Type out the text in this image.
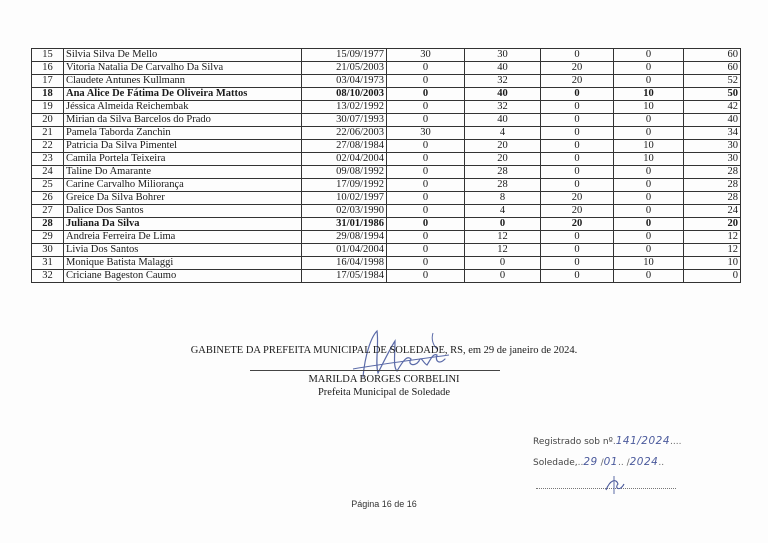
15	Silvia Silva De Mello	15/09/1977	30	30	0	0	60
16	Vitoria Natalia De Carvalho Da Silva	21/05/2003	0	40	20	0	60
17	Claudete Antunes Kullmann	03/04/1973	0	32	20	0	52
18	Ana Alice De Fátima De Oliveira Mattos	08/10/2003	0	40	0	10	50
19	Jéssica Almeida Reichembak	13/02/1992	0	32	0	10	42
20	Mirian da Silva Barcelos do Prado	30/07/1993	0	40	0	0	40
21	Pamela Taborda Zanchin	22/06/2003	30	4	0	0	34
22	Patricia Da Silva Pimentel	27/08/1984	0	20	0	10	30
23	Camila Portela Teixeira	02/04/2004	0	20	0	10	30
24	Taline Do Amarante	09/08/1992	0	28	0	0	28
25	Carine Carvalho Milioranҫa	17/09/1992	0	28	0	0	28
26	Greice Da Silva Bohrer	10/02/1997	0	8	20	0	28
27	Dalice Dos Santos	02/03/1990	0	4	20	0	24
28	Juliana Da Silva	31/01/1986	0	0	20	0	20
29	Andreia Ferreira De Lima	29/08/1994	0	12	0	0	12
30	Livia Dos Santos	01/04/2004	0	12	0	0	12
31	Monique Batista Malaggi	16/04/1998	0	0	0	10	10
32	Criciane Bageston Caumo	17/05/1984	0	0	0	0	0
GABINETE DA PREFEITA MUNICIPAL DE SOLEDADE, RS, em 29 de janeiro de 2024.
MARILDA BORGES CORBELINI
Prefeita Municipal de Soledade
Registrado sob nº.141/2024....
Soledade,..29 /01.. /2024..
Página 16 de 16
